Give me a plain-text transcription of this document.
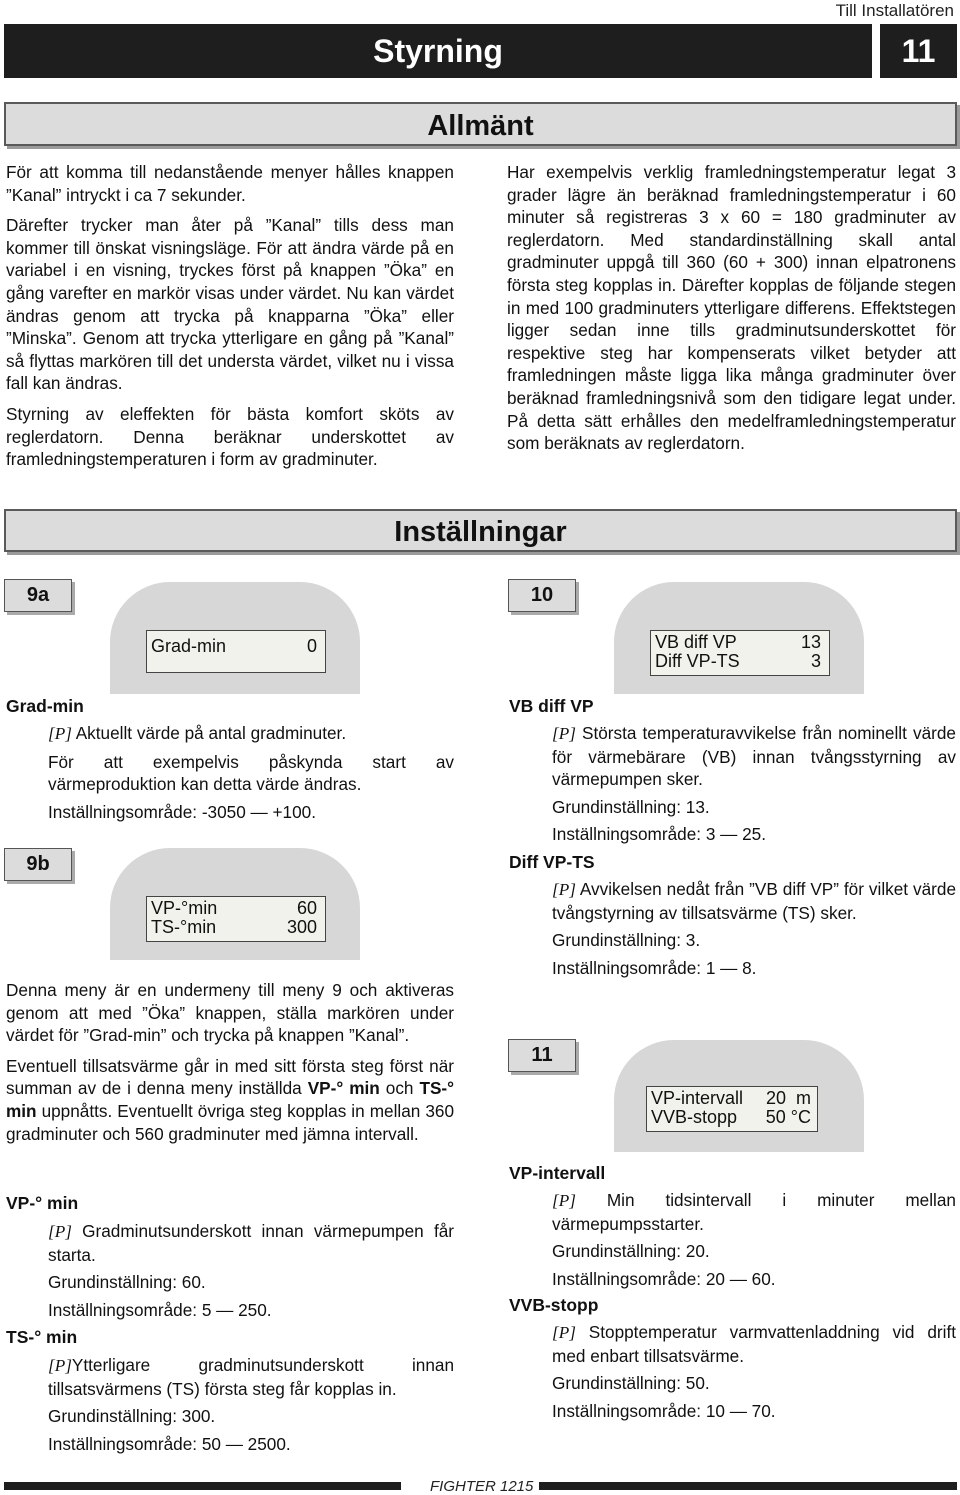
Till Installatören
Styrning	11
Allmänt

För att komma till nedanstående menyer hålles knappen ”Kanal” intryckt i ca 7 sekunder.

Därefter trycker man åter på ”Kanal” tills dess man kommer till önskat visningsläge. För att ändra värde på en variabel i en visning, tryckes först på knappen ”Öka” en gång varefter en markör visas under värdet. Nu kan värdet ändras genom att trycka på knapparna ”Öka” eller ”Minska”. Genom att trycka ytterligare en gång på ”Kanal” så flyttas markören till det understa värdet, vilket nu i vissa fall kan ändras.

Styrning av eleffekten för bästa komfort sköts av reglerdatorn. Denna beräknar underskottet av framledningstemperaturen i form av gradminuter.

Har exempelvis verklig framledningstemperatur legat 3 grader lägre än beräknad framledningstemperatur i 60 minuter så registreras 3 x 60 = 180 gradminuter av reglerdatorn. Med standardinställning skall antal gradminuter uppgå till 360 (60 + 300) innan elpatronens första steg kopplas in. Därefter kopplas de följande stegen in med 100 gradminuters ytterligare differens. Effektstegen ligger sedan inne tills gradminutsunderskottet för respektive steg har kompenserats vilket betyder att framledningen måste ligga lika många gradminuter över beräknad framledningsnivå som den tidigare legat under. På detta sätt erhålles den medelframledningstemperatur som beräknats av reglerdatorn.

Inställningar
9a
Grad-min	0
Grad-min

[P] Aktuellt värde på antal gradminuter.

För att exempelvis påskynda start av värmeproduktion kan detta värde ändras.

Inställningsområde: -3050 — +100.

9b
VP-°min	60
TS-°min	300

Denna meny är en undermeny till meny 9 och aktiveras genom att med ”Öka” knappen, ställa markören under värdet för ”Grad-min” och trycka på knappen ”Kanal”.

Eventuell tillsatsvärme går in med sitt första steg först när summan av de i denna meny inställda VP-° min och TS-° min uppnåtts. Eventuellt övriga steg kopplas in mellan 360 gradminuter och 560 gradminuter med jämna intervall.

VP-° min

[P] Gradminutsunderskott innan värmepumpen får starta.

Grundinställning: 60.

Inställningsområde: 5 — 250.

TS-° min

[P]Ytterligare gradminutsunderskott innan tillsatsvärmens (TS) första steg får kopplas in.

Grundinställning: 300.

Inställningsområde: 50 — 2500.

10
VB diff VP	13
Diff VP-TS	3
VB diff VP

[P] Största temperaturavvikelse från nominellt värde för värmebärare (VB) innan tvångsstyrning av värmepumpen sker.

Grundinställning: 13.

Inställningsområde: 3 — 25.

Diff VP-TS

[P] Avvikelsen nedåt från ”VB diff VP” för vilket värde tvångstyrning av tillsatsvärme (TS) sker.

Grundinställning: 3.

Inställningsområde: 1 — 8.

11
VP-intervall 20  m
VVB-stopp 50 °C
VP-intervall

[P] Min tidsintervall i minuter mellan värmepumpsstarter.

Grundinställning: 20.

Inställningsområde: 20 — 60.

VVB-stopp

[P] Stopptemperatur varmvattenladdning vid drift med enbart tillsatsvärme.

Grundinställning: 50.

Inställningsområde: 10 — 70.

FIGHTER 1215
